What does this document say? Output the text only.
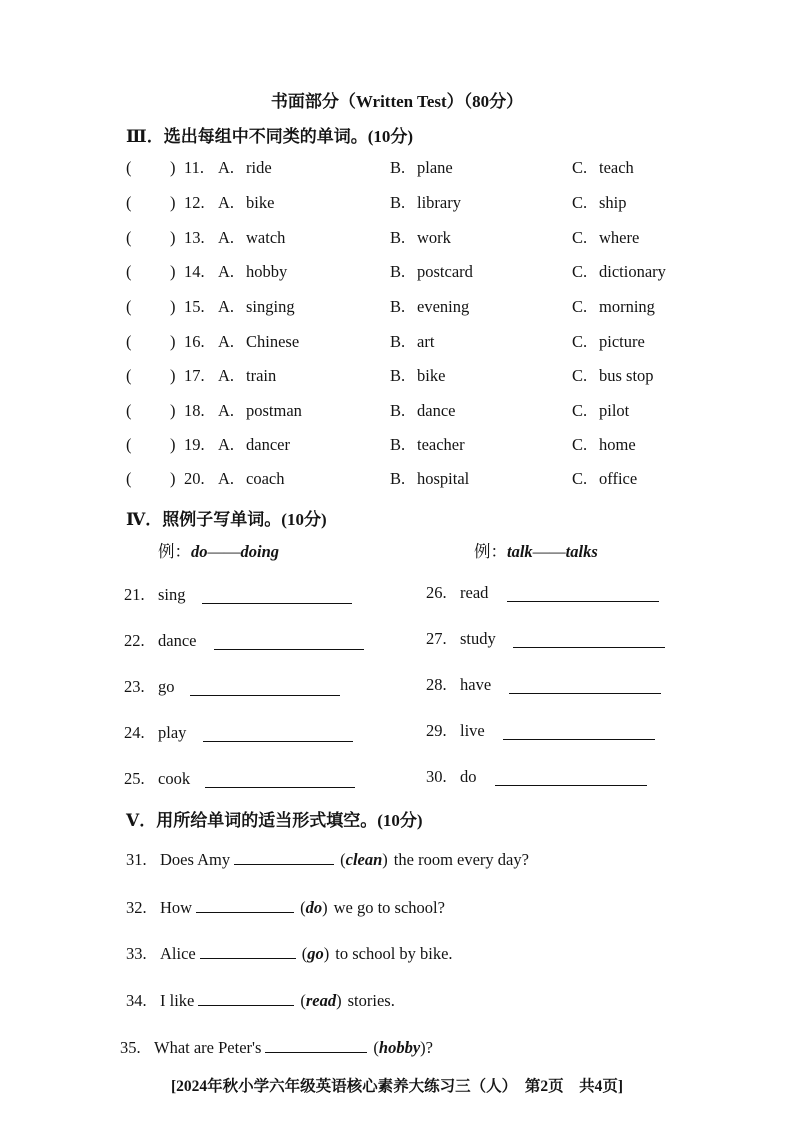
书面部分（Written Test）（80分）
Ⅲ．选出每组中不同类的单词。(10分)
( ) 11. A. ride	B. plane	C. teach
( ) 12. A. bike	B. library	C. ship
( ) 13. A. watch	B. work	C. where
( ) 14. A. hobby	B. postcard	C. dictionary
( ) 15. A. singing	B. evening	C. morning
( ) 16. A. Chinese	B. art	C. picture
( ) 17. A. train	B. bike	C. bus stop
( ) 18. A. postman	B. dance	C. pilot
( ) 19. A. dancer	B. teacher	C. home
( ) 20. A. coach	B. hospital	C. office
Ⅳ．照例子写单词。(10分)
例：do——doing	例：talk——talks
Ⅴ．用所给单词的适当形式填空。(10分)
[2024年秋小学六年级英语核心素养大练习三（人）　第2页　共4页]
21. sing	26. read
22. dance	27. study
23. go	28. have
24. play	29. live
25. cook	30. do
31. Does Amy	(clean) the room every day?
32. How	(do) we go to school?
33. Alice	(go) to school by bike.
34. I like	(read) stories.
35. What are Peter's	(hobby)?
